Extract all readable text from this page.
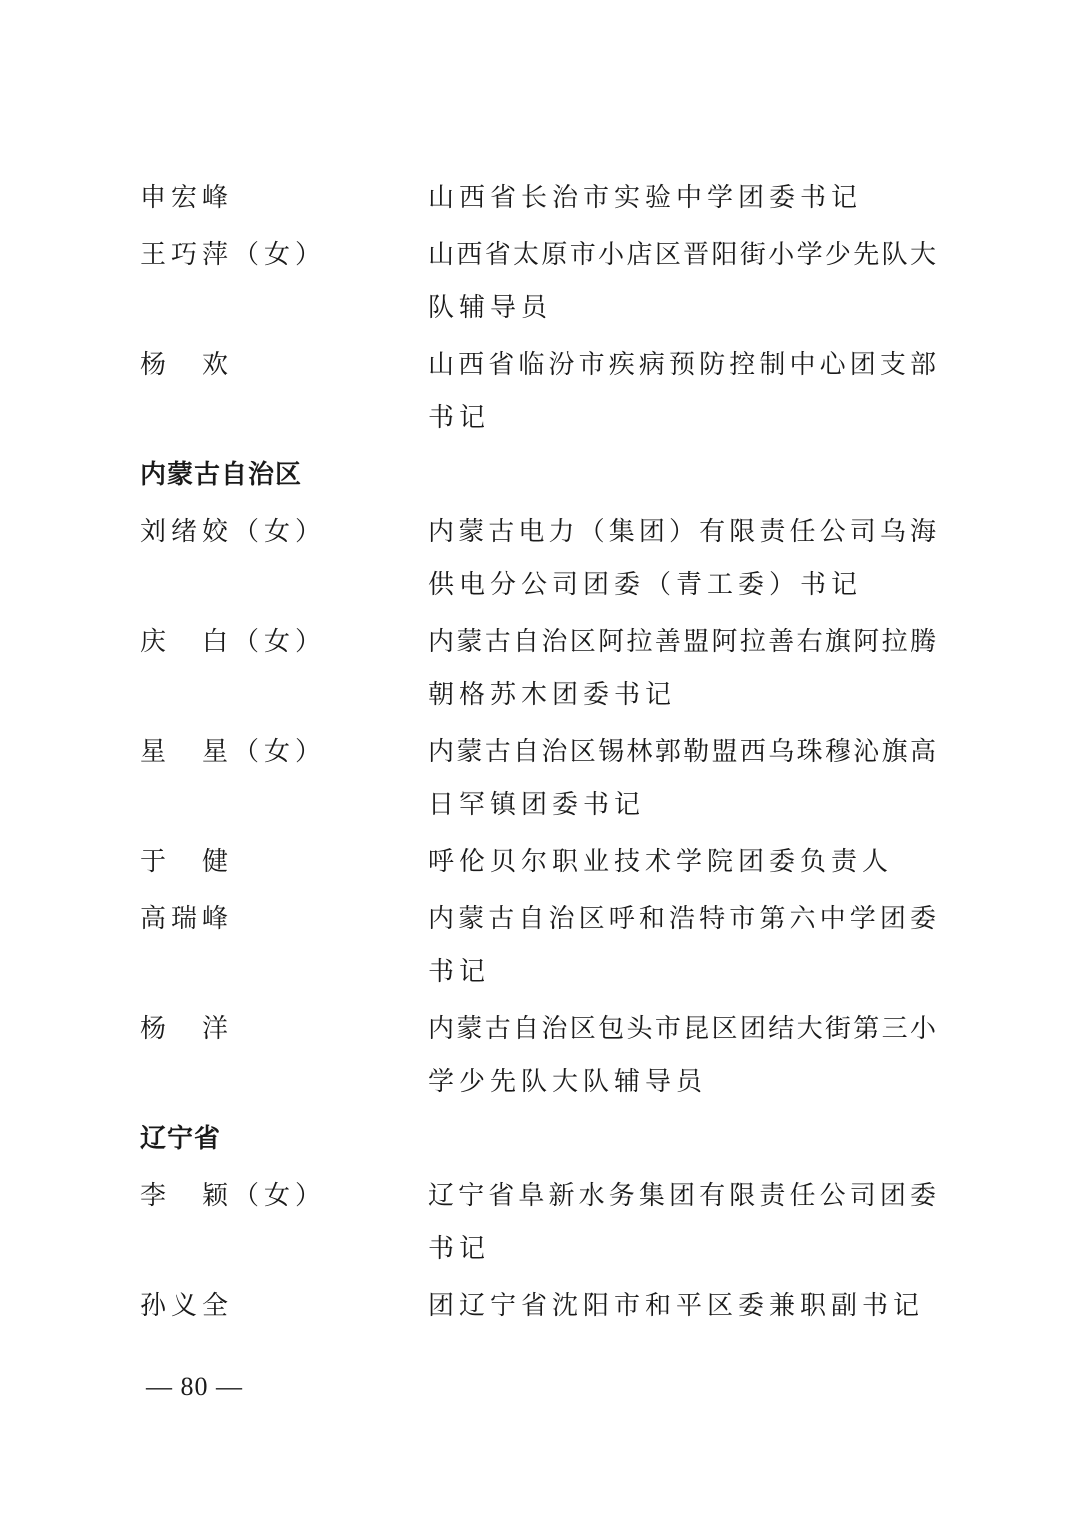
申宏峰	山西省长治市实验中学团委书记
王巧萍（女）	山西省太原市小店区晋阳街小学少先队大
队辅导员
杨　欢	山西省临汾市疾病预防控制中心团支部
书记
内蒙古自治区
刘绪姣（女）	内蒙古电力（集团）有限责任公司乌海
供电分公司团委（青工委）书记
庆　白（女）	内蒙古自治区阿拉善盟阿拉善右旗阿拉腾
朝格苏木团委书记
星　星（女）	内蒙古自治区锡林郭勒盟西乌珠穆沁旗高
日罕镇团委书记
于　健	呼伦贝尔职业技术学院团委负责人
高瑞峰	内蒙古自治区呼和浩特市第六中学团委
书记
杨　洋	内蒙古自治区包头市昆区团结大街第三小
学少先队大队辅导员
辽宁省
李　颖（女）	辽宁省阜新水务集团有限责任公司团委
书记
孙义全	团辽宁省沈阳市和平区委兼职副书记
— 80 —
